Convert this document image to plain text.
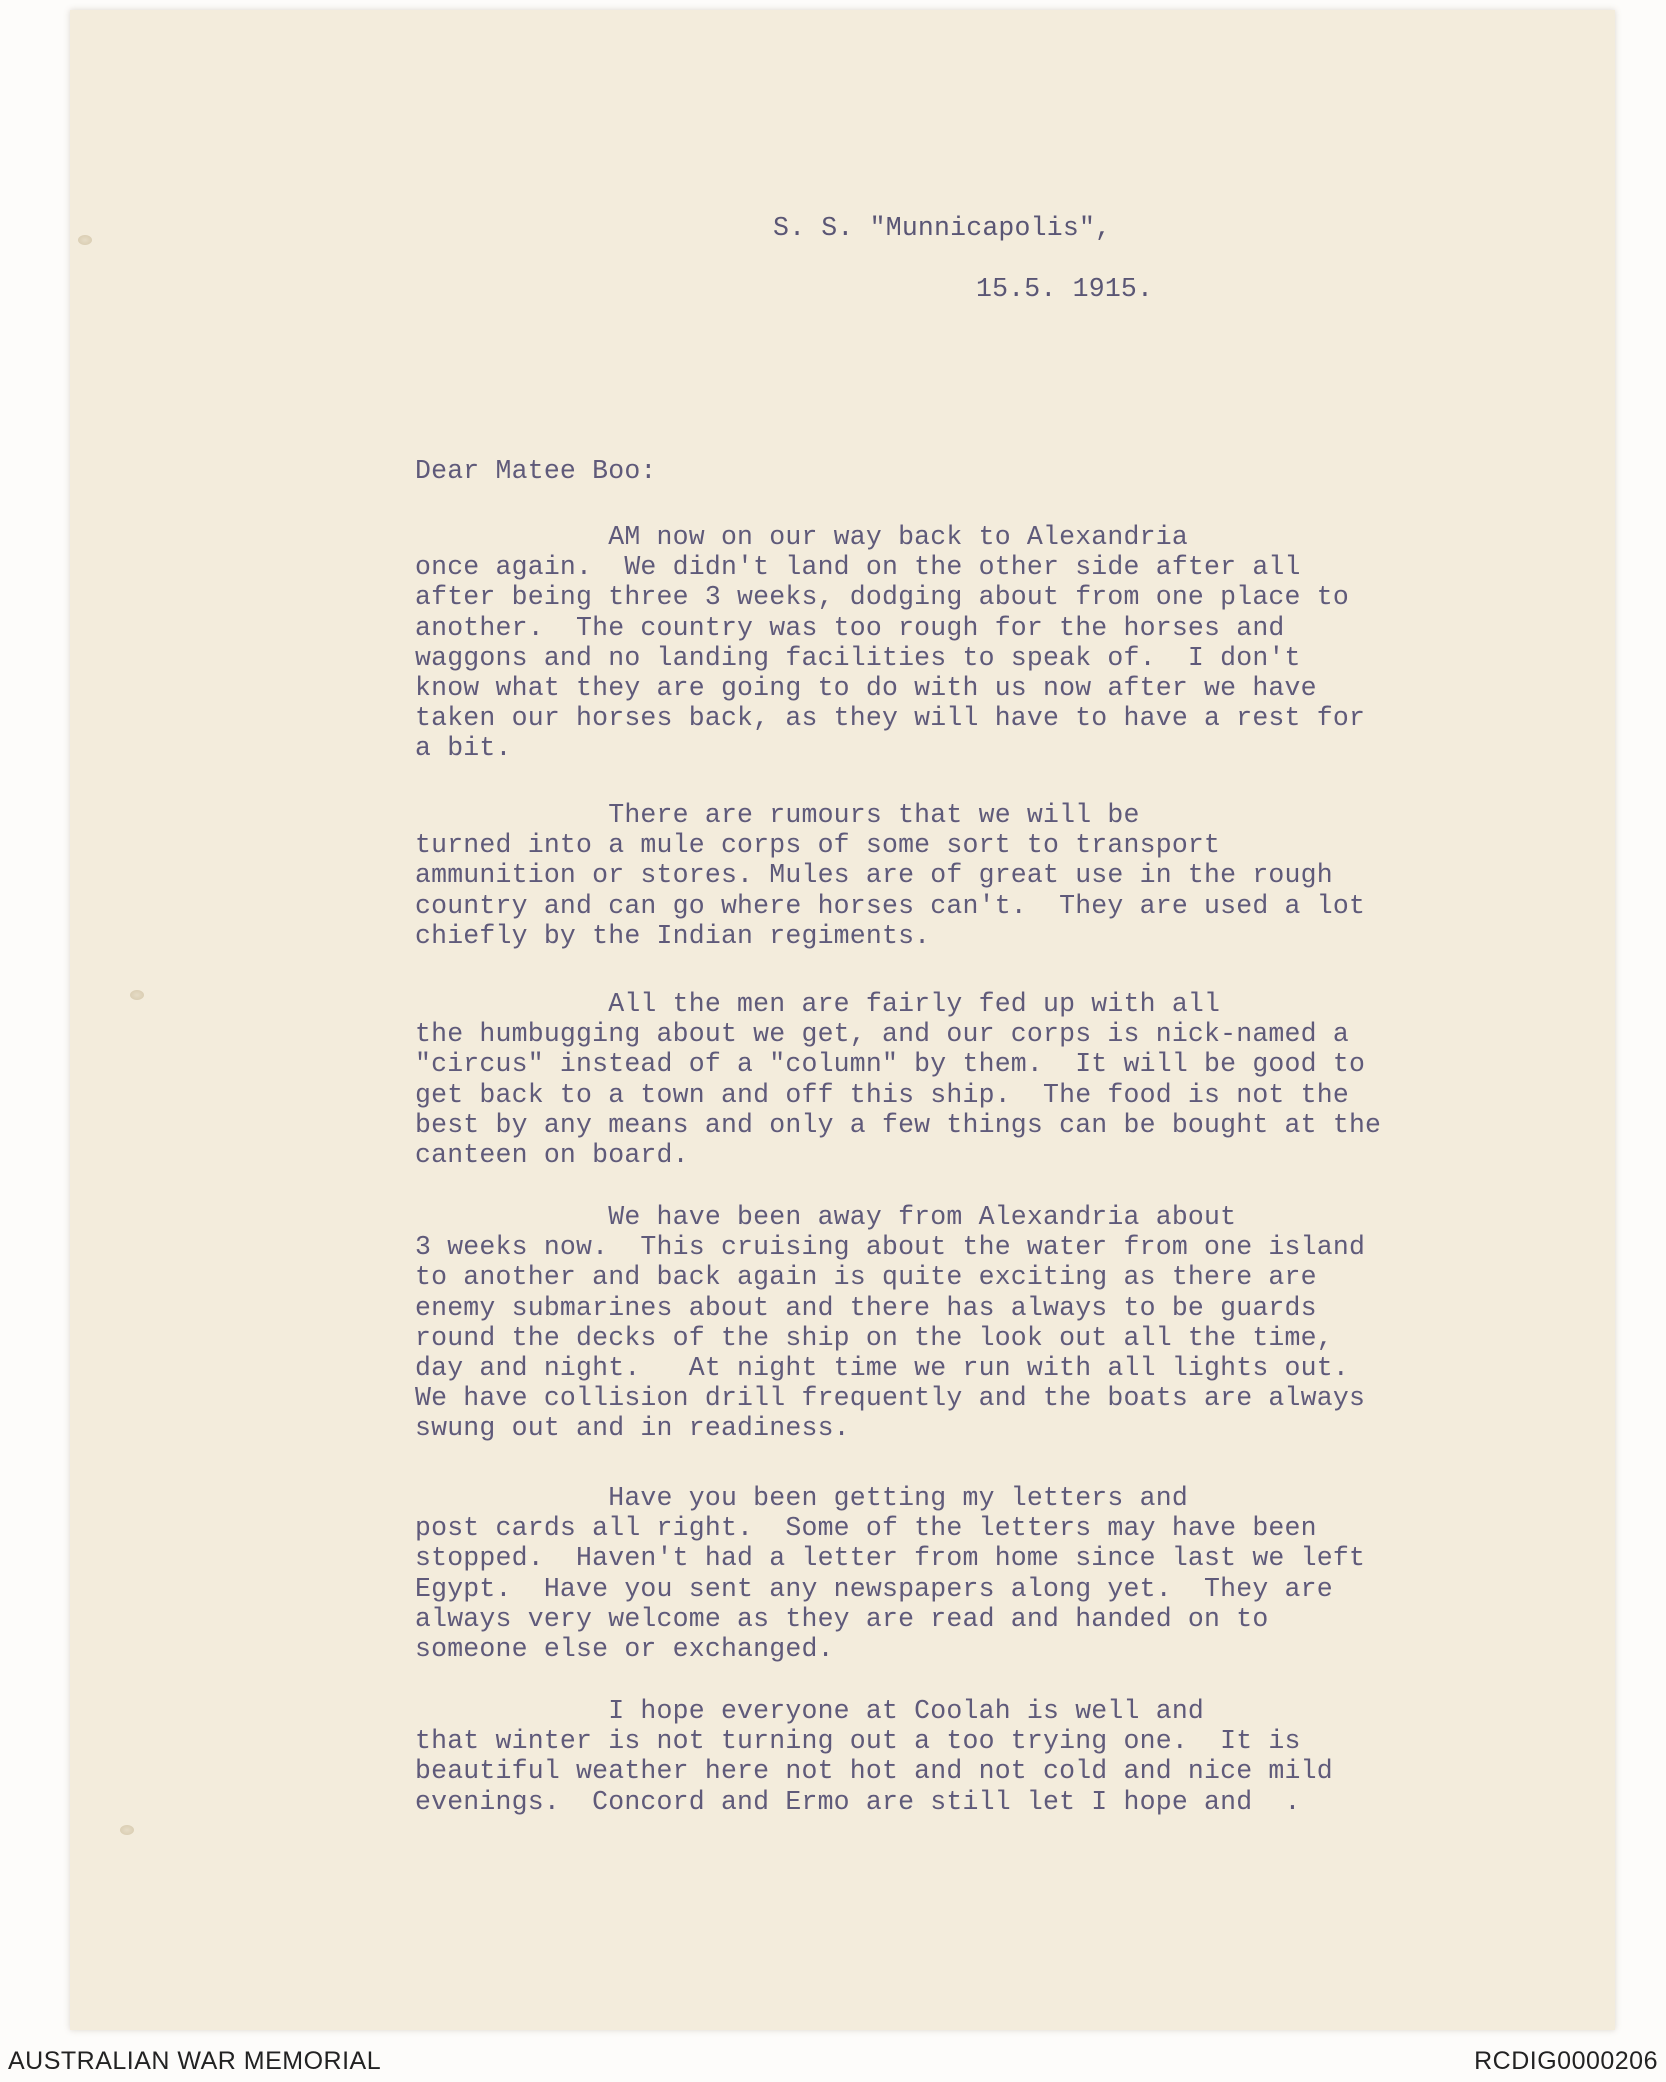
S. S. "Munnicapolis",
15.5. 1915.
Dear Matee Boo:
AM now on our way back to Alexandria
once again.  We didn't land on the other side after all
after being three 3 weeks, dodging about from one place to
another.  The country was too rough for the horses and
waggons and no landing facilities to speak of.  I don't
know what they are going to do with us now after we have
taken our horses back, as they will have to have a rest for
a bit.
There are rumours that we will be
turned into a mule corps of some sort to transport
ammunition or stores. Mules are of great use in the rough
country and can go where horses can't.  They are used a lot
chiefly by the Indian regiments.
All the men are fairly fed up with all
the humbugging about we get, and our corps is nick-named a
"circus" instead of a "column" by them.  It will be good to
get back to a town and off this ship.  The food is not the
best by any means and only a few things can be bought at the
canteen on board.
We have been away from Alexandria about
3 weeks now.  This cruising about the water from one island
to another and back again is quite exciting as there are
enemy submarines about and there has always to be guards
round the decks of the ship on the look out all the time,
day and night.   At night time we run with all lights out.
We have collision drill frequently and the boats are always
swung out and in readiness.
Have you been getting my letters and
post cards all right.  Some of the letters may have been
stopped.  Haven't had a letter from home since last we left
Egypt.  Have you sent any newspapers along yet.  They are
always very welcome as they are read and handed on to
someone else or exchanged.
I hope everyone at Coolah is well and
that winter is not turning out a too trying one.  It is
beautiful weather here not hot and not cold and nice mild
evenings.  Concord and Ermo are still let I hope and  .
AUSTRALIAN WAR MEMORIAL	RCDIG0000206
